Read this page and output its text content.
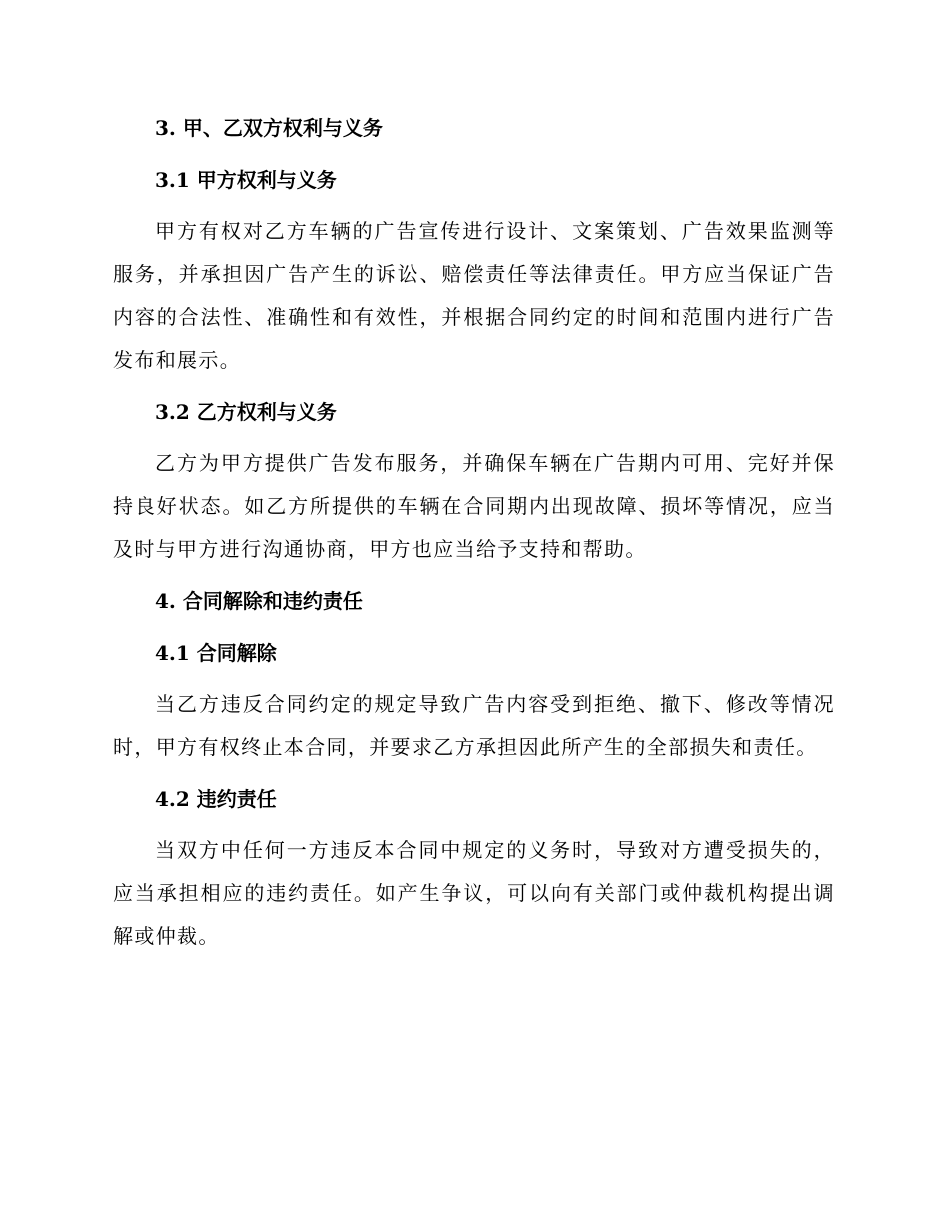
3. 甲、乙双方权利与义务
3.1 甲方权利与义务

甲方有权对乙方车辆的广告宣传进行设计、文案策划、广告效果监测等服务，并承担因广告产生的诉讼、赔偿责任等法律责任。甲方应当保证广告内容的合法性、准确性和有效性，并根据合同约定的时间和范围内进行广告发布和展示。

3.2 乙方权利与义务

乙方为甲方提供广告发布服务，并确保车辆在广告期内可用、完好并保持良好状态。如乙方所提供的车辆在合同期内出现故障、损坏等情况，应当及时与甲方进行沟通协商，甲方也应当给予支持和帮助。

4. 合同解除和违约责任
4.1 合同解除

当乙方违反合同约定的规定导致广告内容受到拒绝、撤下、修改等情况时，甲方有权终止本合同，并要求乙方承担因此所产生的全部损失和责任。

4.2 违约责任

当双方中任何一方违反本合同中规定的义务时，导致对方遭受损失的，应当承担相应的违约责任。如产生争议，可以向有关部门或仲裁机构提出调解或仲裁。
